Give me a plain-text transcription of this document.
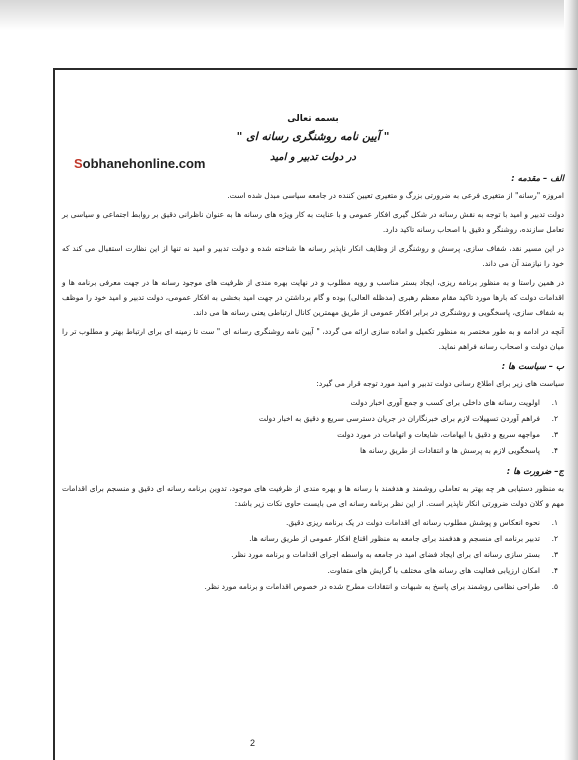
Sobhanehonline.com
بسمه تعالی
" آیین نامه روشنگری رسانه ای "
در دولت تدبیر و امید
الف – مقدمه :

امروزه "رسانه" از متغیری فرعی به ضرورتی بزرگ و متغیری تعیین کننده در جامعه سیاسی مبدل شده است.

دولت تدبیر و امید با توجه به نقش رسانه در شکل گیری افکار عمومی و با عنایت به کار ویژه های رسانه ها به عنوان ناظرانی دقیق بر روابط اجتماعی و سیاسی بر تعامل سازنده، روشنگر و دقیق با اصحاب رسانه تاکید دارد.

در این مسیر نقد، شفاف سازی، پرسش و روشنگری از وظایف انکار ناپذیر رسانه ها شناخته شده و دولت تدبیر و امید نه تنها از این نظارت استقبال می کند که خود را نیازمند آن می داند.

در همین راستا و به منظور برنامه ریزی، ایجاد بستر مناسب و رویه مطلوب و در نهایت بهره مندی از ظرفیت های موجود رسانه ها در جهت معرفی برنامه ها و اقدامات دولت که بارها مورد تاکید مقام معظم رهبری (مدظله العالی) بوده و گام برداشتن در جهت امید بخشی به افکار عمومی، دولت تدبیر و امید خود را موظف به شفاف سازی، پاسخگویی و روشنگری در برابر افکار عمومی از طریق مهمترین کانال ارتباطی یعنی رسانه ها می داند.

آنچه در ادامه و به طور مختصر به منظور تکمیل و اماده سازی ارائه می گردد، " آیین نامه روشنگری رسانه ای " ست تا زمینه ای برای ارتباط بهتر و مطلوب تر را میان دولت و اصحاب رسانه فراهم نماید.

ب – سیاست ها :

سیاست های زیر برای اطلاع رسانی دولت تدبیر و امید مورد توجه قرار می گیرد:

۱.
اولویت رسانه های داخلی برای کسب و جمع آوری اخبار دولت
۲.
فراهم آوردن تسهیلات لازم برای خبرنگاران در جریان دسترسی سریع و دقیق به اخبار دولت
۳.
مواجهه سریع و دقیق با ابهامات، شایعات و اتهامات در مورد دولت
۴.
پاسخگویی لازم به پرسش ها و انتقادات از طریق رسانه ها
ج– ضرورت ها :

به منظور دستیابی هر چه بهتر به تعاملی روشمند و هدفمند با رسانه ها و بهره مندی از ظرفیت های موجود، تدوین برنامه رسانه ای دقیق و منسجم برای اقدامات مهم و کلان دولت ضرورتی انکار ناپذیر است. از این نظر برنامه رسانه ای می بایست حاوی نکات زیر باشد:

۱.
نحوه انعکاس و پوشش مطلوب رسانه ای اقدامات دولت در یک برنامه ریزی دقیق.
۲.
تدبیر برنامه ای منسجم و هدفمند برای جامعه به منظور اقناع افکار عمومی از طریق رسانه ها.
۳.
بستر سازی رسانه ای برای ایجاد فضای امید در جامعه به واسطه اجرای اقدامات و برنامه مورد نظر.
۴.
امکان ارزیابی فعالیت های رسانه های مختلف با گرایش های متفاوت.
۵.
طراحی نظامی روشمند برای پاسخ به شبهات و انتقادات مطرح شده در خصوص اقدامات و برنامه مورد نظر.
2
